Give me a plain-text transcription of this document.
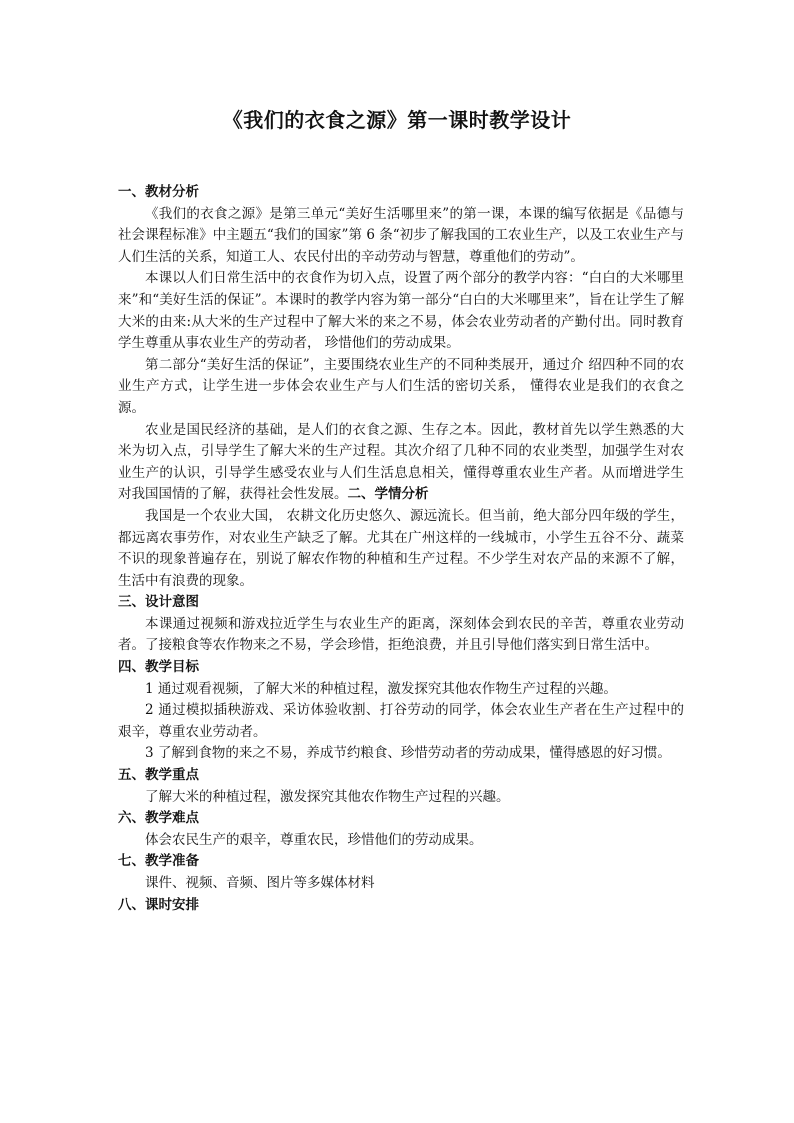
《我们的衣食之源》第一课时教学设计
一、教材分析

《我们的衣食之源》是第三单元“美好生活哪里来”的第一课，本课的编写依据是《品德与社会课程标准》中主题五“我们的国家”第 6 条“初步了解我国的工农业生产，以及工农业生产与人们生活的关系，知道工人、农民付出的辛动劳动与智慧，尊重他们的劳动”。

本课以人们日常生活中的衣食作为切入点，设置了两个部分的教学内容：“白白的大米哪里来”和“美好生活的保证”。本课时的教学内容为第一部分“白白的大米哪里来”，旨在让学生了解大米的由来:从大米的生产过程中了解大米的来之不易，体会农业劳动者的产勤付出。同时教育学生尊重从事农业生产的劳动者， 珍惜他们的劳动成果。

第二部分“美好生活的保证”，主要围绕农业生产的不同种类展开，通过介 绍四种不同的农业生产方式，让学生进一步体会农业生产与人们生活的密切关系， 懂得农业是我们的衣食之源。

农业是国民经济的基础，是人们的衣食之源、生存之本。因此，教材首先以学生熟悉的大米为切入点，引导学生了解大米的生产过程。其次介绍了几种不同的农业类型，加强学生对农业生产的认识，引导学生感受农业与人们生活息息相关，懂得尊重农业生产者。从而增进学生对我国国情的了解，获得社会性发展。二、学情分析

我国是一个农业大国， 农耕文化历史悠久、源远流长。但当前，绝大部分四年级的学生，都远离农事劳作，对农业生产缺乏了解。尤其在广州这样的一线城市，小学生五谷不分、蔬菜不识的现象普遍存在，别说了解农作物的种植和生产过程。不少学生对农产品的来源不了解，生活中有浪费的现象。

三、设计意图

本课通过视频和游戏拉近学生与农业生产的距离，深刻体会到农民的辛苦，尊重农业劳动者。了接粮食等农作物来之不易，学会珍惜，拒绝浪费，并且引导他们落实到日常生活中。

四、教学目标

1 通过观看视频，了解大米的种植过程，激发探究其他农作物生产过程的兴趣。

2 通过模拟插秧游戏、采访体验收割、打谷劳动的同学，体会农业生产者在生产过程中的艰辛，尊重农业劳动者。

3 了解到食物的来之不易，养成节约粮食、珍惜劳动者的劳动成果，懂得感恩的好习惯。

五、教学重点

了解大米的种植过程，激发探究其他农作物生产过程的兴趣。

六、教学难点

体会农民生产的艰辛，尊重农民，珍惜他们的劳动成果。

七、教学准备

课件、视频、音频、图片等多媒体材料

八、课时安排
